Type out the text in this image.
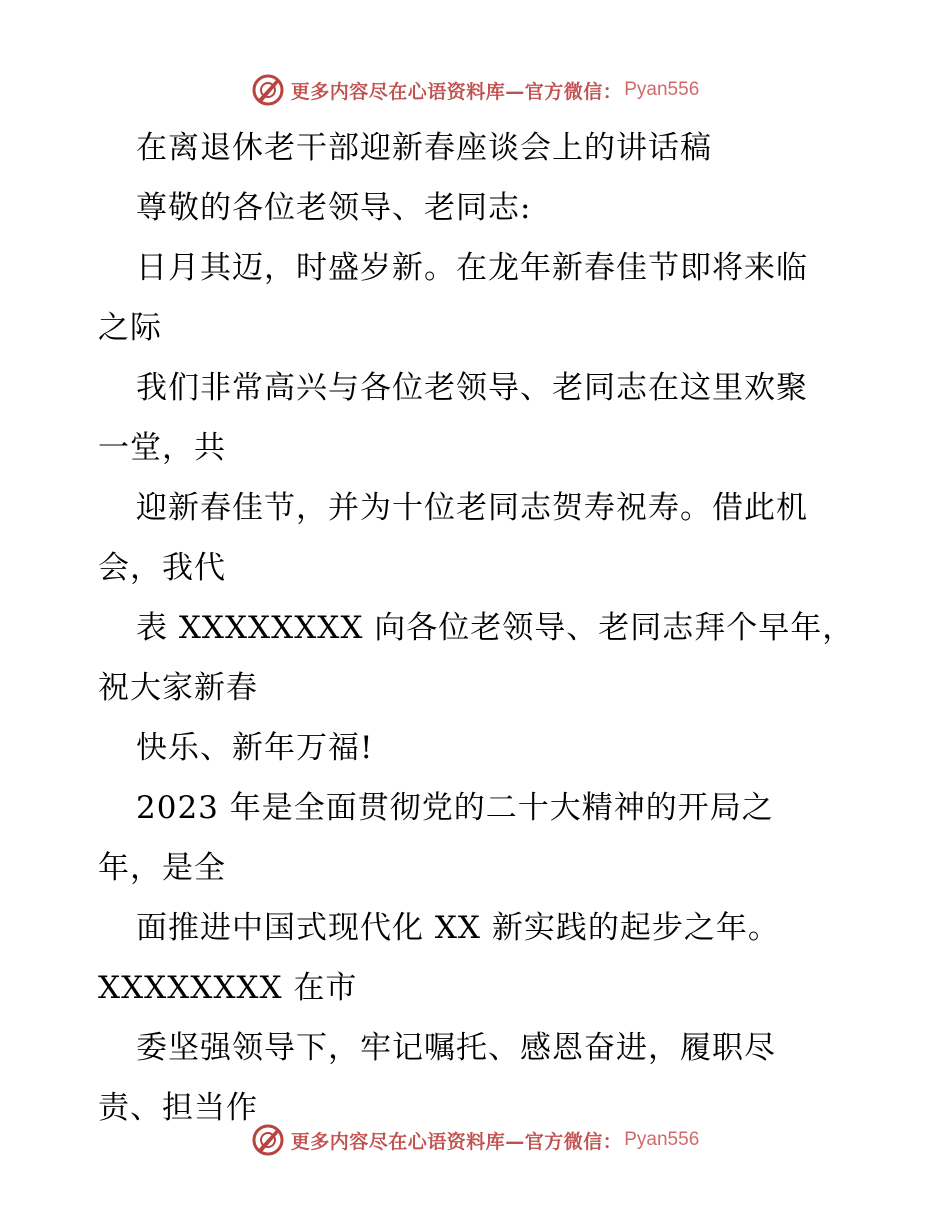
更多内容尽在心语资料库—官方微信： Pyan556
在离退休老干部迎新春座谈会上的讲话稿
尊敬的各位老领导、老同志:
日月其迈，时盛岁新。在龙年新春佳节即将来临
之际
我们非常高兴与各位老领导、老同志在这里欢聚
一堂，共
迎新春佳节，并为十位老同志贺寿祝寿。借此机
会，我代
表 XXXXXXXX 向各位老领导、老同志拜个早年，
祝大家新春
快乐、新年万福!
2023 年是全面贯彻党的二十大精神的开局之
年，是全
面推进中国式现代化 XX 新实践的起步之年。
XXXXXXXX 在市
委坚强领导下，牢记嘱托、感恩奋进，履职尽
责、担当作
更多内容尽在心语资料库—官方微信： Pyan556
